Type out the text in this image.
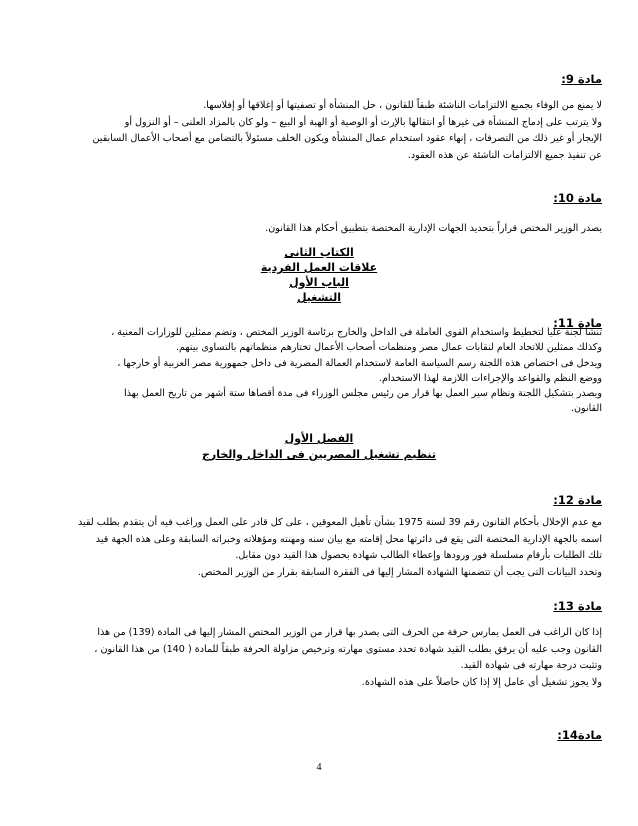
مادة 9:
لا يمنع من الوفاء بجميع الالتزامات الناشئة طبقاً للقانون ، حل المنشأة أو تصفيتها أو إغلاقها أو إفلاسها.
ولا يترتب على إدماج المنشأة فى غيرها أو انتقالها بالإرث أو الوصية أو الهبة أو البيع – ولو كان بالمزاد العلنى – أو النزول أو
الإيجار أو غير ذلك من التصرفات ، إنهاء عقود استخدام عمال المنشأة ويكون الخلف مسئولاً بالتضامن مع أصحاب الأعمال السابقين
عن تنفيذ جميع الالتزامات الناشئة عن هذه العقود.
مادة 10:
يصدر الوزير المختص قراراً بتحديد الجهات الإدارية المختصة بتطبيق أحكام هذا القانون.
الكتاب الثانى
علاقات العمل الفردية
الباب الأول
التشغيل
مادة 11:
تنشأ لجنة عليا لتخطيط واستخدام القوى العاملة فى الداخل والخارج برئاسة الوزير المختص ، وتضم ممثلين للوزارات المعنية ،
وكذلك ممثلين للاتحاد العام لنقابات عمال مصر ومنظمات أصحاب الأعمال تختارهم منظماتهم بالتساوى بينهم.
ويدخل فى اختصاص هذه اللجنة رسم السياسة العامة لاستخدام العمالة المصرية فى داخل جمهورية مصر العربية أو خارجها ،
ووضع النظم والقواعد والإجراءات اللازمة لهذا الاستخدام.
ويصدر بتشكيل اللجنة ونظام سير العمل بها قرار من رئيس مجلس الوزراء فى مدة أقصاها ستة أشهر من تاريخ العمل بهذا
القانون.
الفصل الأول
تنظيم تشغيل المصريين فى الداخل والخارج
مادة 12:
مع عدم الإخلال بأحكام القانون رقم 39 لسنة 1975 بشأن تأهيل المعوقين ، على كل قادر على العمل وراغب فيه أن يتقدم بطلب لقيد
اسمه بالجهة الإدارية المختصة التى يقع فى دائرتها محل إقامته مع بيان سنه ومهنته ومؤهلاته وخبراته السابقة وعلى هذه الجهة قيد
تلك الطلبات بأرقام مسلسلة فور ورودها وإعطاء الطالب شهادة بحصول هذا القيد دون مقابل.
وتحدد البيانات التى يجب أن تتضمنها الشهادة المشار إليها فى الفقرة السابقة بقرار من الوزير المختص.
مادة 13:
إذا كان الراغب فى العمل يمارس حرفة من الحرف التى يصدر بها قرار من الوزير المختص المشار إليها فى المادة (139) من هذا
القانون وجب عليه أن يرفق بطلب القيد شهادة تحدد مستوى مهارته وترخيص مزاولة الحرفة طبقاً للمادة ( 140) من هذا القانون ،
وتثبت درجة مهارته فى شهادة القيد.
ولا يجوز تشغيل أى عامل إلا إذا كان حاصلاً على هذه الشهادة.
مادة14:
4
